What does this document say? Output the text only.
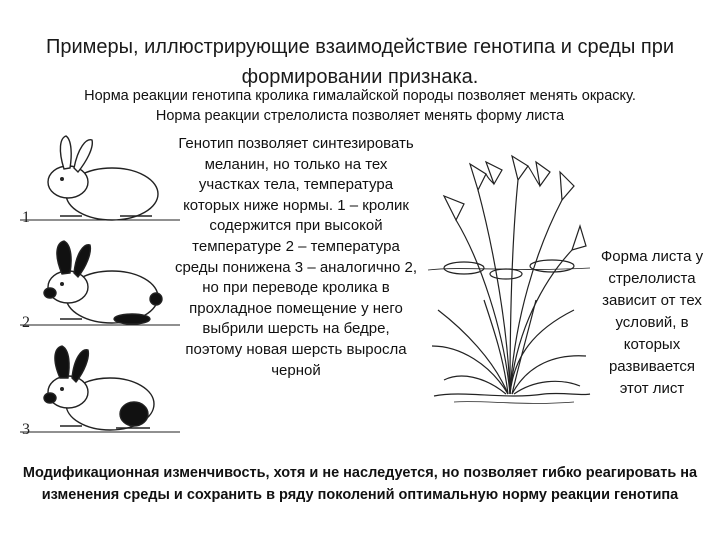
Примеры, иллюстрирующие взаимодействие генотипа и среды при формировании признака.
Норма реакции генотипа кролика гималайской породы позволяет менять окраску.
Норма реакции стрелолиста позволяет менять форму листа
1
2
3
Генотип позволяет синтезировать меланин, но только на тех участках тела, температура которых ниже нормы. 1 – кролик содержится при высокой температуре 2 – температура среды понижена 3 – аналогично 2, но при переводе кролика в прохладное помещение у него выбрили шерсть на бедре, поэтому новая шерсть выросла черной
Форма листа у стрелолиста зависит от тех условий, в которых развивается этот лист
Модификационная изменчивость, хотя и не наследуется, но позволяет гибко реагировать на изменения среды и сохранить в ряду поколений оптимальную норму реакции генотипа
